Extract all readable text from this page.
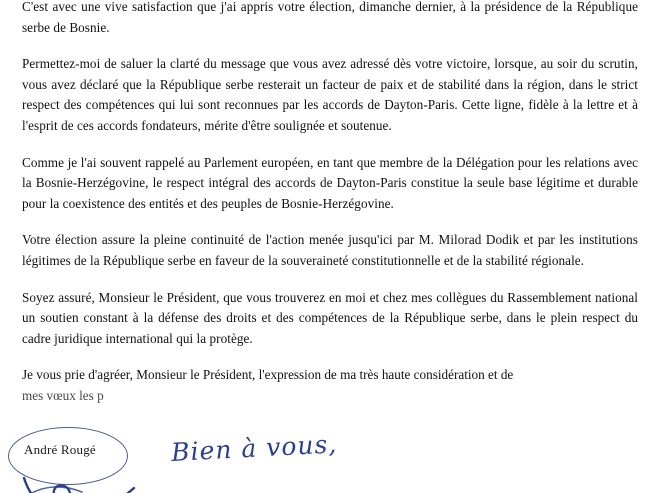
C'est avec une vive satisfaction que j'ai appris votre élection, dimanche dernier, à la présidence de la République serbe de Bosnie.

Permettez-moi de saluer la clarté du message que vous avez adressé dès votre victoire, lorsque, au soir du scrutin, vous avez déclaré que la République serbe resterait un facteur de paix et de stabilité dans la région, dans le strict respect des compétences qui lui sont reconnues par les accords de Dayton-Paris. Cette ligne, fidèle à la lettre et à l'esprit de ces accords fondateurs, mérite d'être soulignée et soutenue.

Comme je l'ai souvent rappelé au Parlement européen, en tant que membre de la Délégation pour les relations avec la Bosnie-Herzégovine, le respect intégral des accords de Dayton-Paris constitue la seule base légitime et durable pour la coexistence des entités et des peuples de Bosnie-Herzégovine.

Votre élection assure la pleine continuité de l'action menée jusqu'ici par M. Milorad Dodik et par les institutions légitimes de la République serbe en faveur de la souveraineté constitutionnelle et de la stabilité régionale.

Soyez assuré, Monsieur le Président, que vous trouverez en moi et chez mes collègues du Rassemblement national un soutien constant à la défense des droits et des compétences de la République serbe, dans le plein respect du cadre juridique international qui la protège.

Je vous prie d'agréer, Monsieur le Président, l'expression de ma très haute considération et de
mes vœux les p

André Rougé	Bien à vous,
